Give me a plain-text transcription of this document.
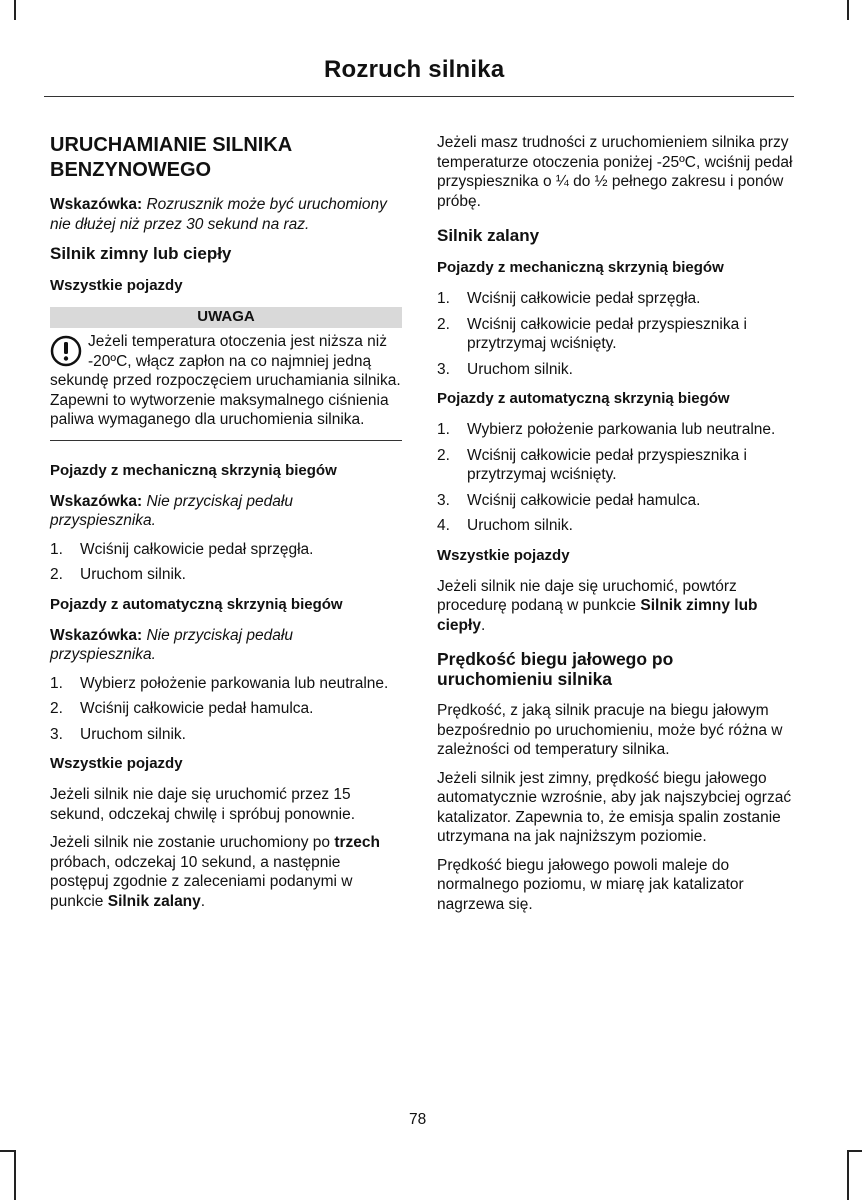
Rozruch silnika
URUCHAMIANIE SILNIKA BENZYNOWEGO

Wskazówka: Rozrusznik może być uruchomiony nie dłużej niż przez 30 sekund na raz.

Silnik zimny lub ciepły
Wszystkie pojazdy
UWAGA
Jeżeli temperatura otoczenia jest niższa niż -20ºC, włącz zapłon na co najmniej jedną sekundę przed rozpoczęciem uruchamiania silnika. Zapewni to wytworzenie maksymalnego ciśnienia paliwa wymaganego dla uruchomienia silnika.
Pojazdy z mechaniczną skrzynią biegów

Wskazówka: Nie przyciskaj pedału przyspiesznika.

1. Wciśnij całkowicie pedał sprzęgła.
2. Uruchom silnik.
Pojazdy z automatyczną skrzynią biegów

Wskazówka: Nie przyciskaj pedału przyspiesznika.

1. Wybierz położenie parkowania lub neutralne.
2. Wciśnij całkowicie pedał hamulca.
3. Uruchom silnik.
Wszystkie pojazdy

Jeżeli silnik nie daje się uruchomić przez 15 sekund, odczekaj chwilę i spróbuj ponownie.

Jeżeli silnik nie zostanie uruchomiony po trzech próbach, odczekaj 10 sekund, a następnie postępuj zgodnie z zaleceniami podanymi w punkcie Silnik zalany.

Jeżeli masz trudności z uruchomieniem silnika przy temperaturze otoczenia poniżej -25ºC, wciśnij pedał przyspiesznika o ¼ do ½ pełnego zakresu i ponów próbę.

Silnik zalany
Pojazdy z mechaniczną skrzynią biegów
1. Wciśnij całkowicie pedał sprzęgła.
2. Wciśnij całkowicie pedał przyspiesznika i przytrzymaj wciśnięty.
3. Uruchom silnik.
Pojazdy z automatyczną skrzynią biegów
1. Wybierz położenie parkowania lub neutralne.
2. Wciśnij całkowicie pedał przyspiesznika i przytrzymaj wciśnięty.
3. Wciśnij całkowicie pedał hamulca.
4. Uruchom silnik.
Wszystkie pojazdy

Jeżeli silnik nie daje się uruchomić, powtórz procedurę podaną w punkcie Silnik zimny lub ciepły.

Prędkość biegu jałowego po uruchomieniu silnika

Prędkość, z jaką silnik pracuje na biegu jałowym bezpośrednio po uruchomieniu, może być różna w zależności od temperatury silnika.

Jeżeli silnik jest zimny, prędkość biegu jałowego automatycznie wzrośnie, aby jak najszybciej ogrzać katalizator. Zapewnia to, że emisja spalin zostanie utrzymana na jak najniższym poziomie.

Prędkość biegu jałowego powoli maleje do normalnego poziomu, w miarę jak katalizator nagrzewa się.

78
